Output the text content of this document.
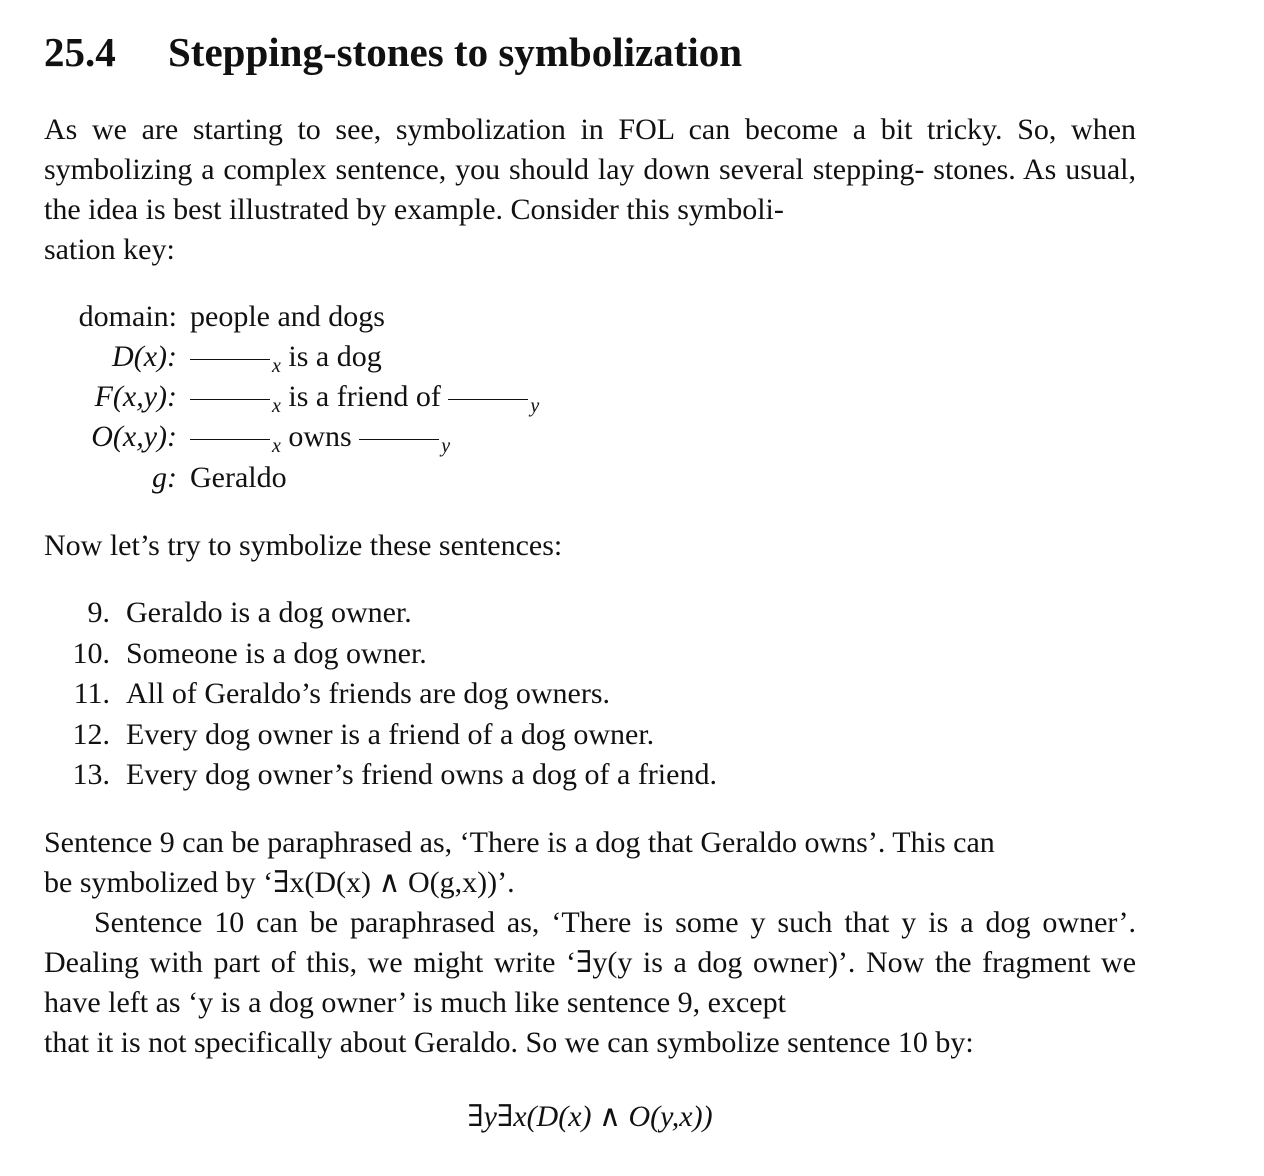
25.4 Stepping-stones to symbolization

As we are starting to see, symbolization in FOL can become a bit tricky. So, when symbolizing a complex sentence, you should lay down several stepping- stones. As usual, the idea is best illustrated by example. Consider this symboli-
sation key:

domain: people and dogs
D(x):	$_x$ is a dog
F(x,y):	$_x$ is a friend of	$_y$
O(x,y):	$_x$ owns	$_y$
g: Geraldo

Now let’s try to symbolize these sentences:

9. Geraldo is a dog owner.
10. Someone is a dog owner.
11. All of Geraldo’s friends are dog owners.
12. Every dog owner is a friend of a dog owner.
13. Every dog owner’s friend owns a dog of a friend.

Sentence 9 can be paraphrased as, ‘There is a dog that Geraldo owns’. This can
be symbolized by ‘∃x(D(x) ∧ O(g,x))’.

Sentence 10 can be paraphrased as, ‘There is some y such that y is a dog owner’. Dealing with part of this, we might write ‘∃y(y is a dog owner)’. Now the fragment we have left as ‘y is a dog owner’ is much like sentence 9, except
that it is not specifically about Geraldo. So we can symbolize sentence 10 by:

∃y∃x(D(x) ∧ O(y,x))
